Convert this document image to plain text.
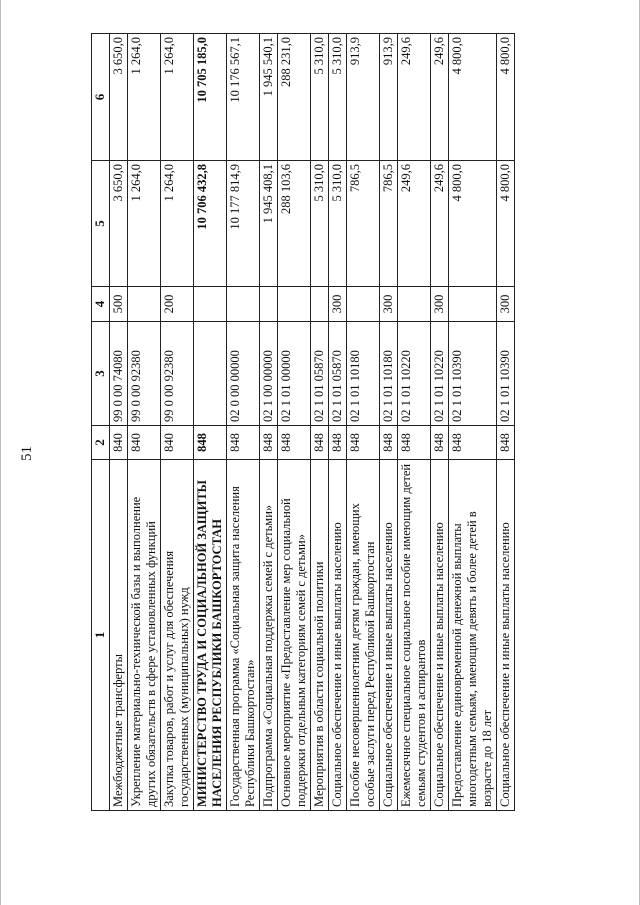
51
1	2	3	4	5	6
Межбюджетные трансферты	840	99 0 00 74080	500	3 650,0	3 650,0
Укрепление материально-технической базы и выполнение других обязательств в сфере установленных функций	840	99 0 00 92380		1 264,0	1 264,0
Закупка товаров, работ и услуг для обеспечения государственных (муниципальных) нужд	840	99 0 00 92380	200	1 264,0	1 264,0
МИНИСТЕРСТВО ТРУДА И СОЦИАЛЬНОЙ ЗАЩИТЫ НАСЕЛЕНИЯ РЕСПУБЛИКИ БАШКОРТОСТАН	848			10 706 432,8	10 705 185,0
Государственная программа «Социальная защита населения Республики Башкортостан»	848	02 0 00 00000		10 177 814,9	10 176 567,1
Подпрограмма «Социальная поддержка семей с детьми»	848	02 1 00 00000		1 945 408,1	1 945 540,1
Основное мероприятие «Предоставление мер социальной поддержки отдельным категориям семей с детьми»	848	02 1 01 00000		288 103,6	288 231,0
Мероприятия в области социальной политики	848	02 1 01 05870		5 310,0	5 310,0
Социальное обеспечение и иные выплаты населению	848	02 1 01 05870	300	5 310,0	5 310,0
Пособие несовершеннолетним детям граждан, имеющих особые заслуги перед Республикой Башкортостан	848	02 1 01 10180		786,5	913,9
Социальное обеспечение и иные выплаты населению	848	02 1 01 10180	300	786,5	913,9
Ежемесячное специальное социальное пособие имеющим детей семьям студентов и аспирантов	848	02 1 01 10220		249,6	249,6
Социальное обеспечение и иные выплаты населению	848	02 1 01 10220	300	249,6	249,6
Предоставление единовременной денежной выплаты многодетным семьям, имеющим девять и более детей в возрасте до 18 лет	848	02 1 01 10390		4 800,0	4 800,0
Социальное обеспечение и иные выплаты населению	848	02 1 01 10390	300	4 800,0	4 800,0
